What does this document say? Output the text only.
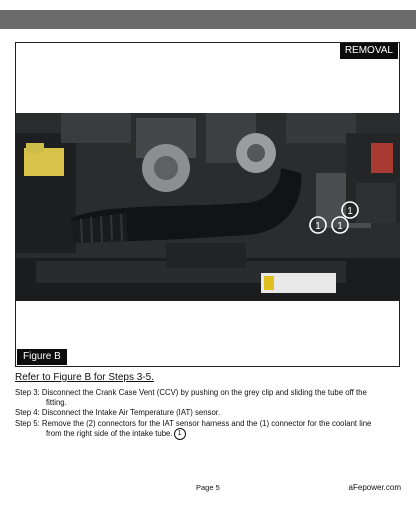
REMOVAL
Figure B
1 1
1
Refer to Figure B for Steps 3-5.
Step 3: Disconnect the Crank Case Vent (CCV) by pushing on the grey clip and sliding the tube off the
fitting.
Step 4: Disconnect the Intake Air Temperature (IAT) sensor.
Step 5: Remove the (2) connectors for the IAT sensor harness and the (1) connector for the coolant line
from the right side of the intake tube. 1
Page 5	aFepower.com
